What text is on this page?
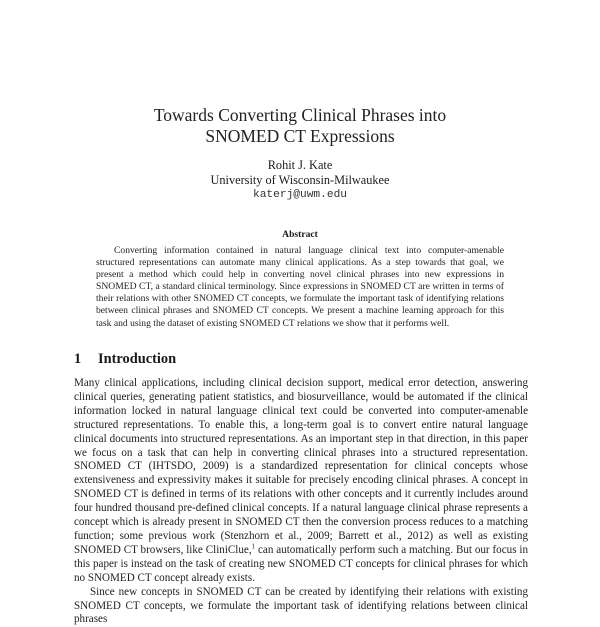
Towards Converting Clinical Phrases into
SNOMED CT Expressions
Rohit J. Kate
University of Wisconsin-Milwaukee
katerj@uwm.edu
Abstract

Converting information contained in natural language clinical text into computer-amenable structured representations can automate many clinical applications. As a step towards that goal, we present a method which could help in converting novel clinical phrases into new expressions in SNOMED CT, a standard clinical terminology. Since expressions in SNOMED CT are written in terms of their relations with other SNOMED CT concepts, we formulate the important task of identifying relations between clinical phrases and SNOMED CT concepts. We present a machine learning approach for this task and using the dataset of existing SNOMED CT relations we show that it performs well.

1 Introduction

Many clinical applications, including clinical decision support, medical error detection, answering clinical queries, generating patient statistics, and biosurveillance, would be automated if the clinical information locked in natural language clinical text could be converted into computer-amenable structured representations. To enable this, a long-term goal is to convert entire natural language clinical documents into structured representations. As an important step in that direction, in this paper we focus on a task that can help in converting clinical phrases into a structured representation. SNOMED CT (IHTSDO, 2009) is a standardized representation for clinical concepts whose extensiveness and expressivity makes it suitable for precisely encoding clinical phrases. A concept in SNOMED CT is defined in terms of its relations with other concepts and it currently includes around four hundred thousand pre-defined clinical concepts. If a natural language clinical phrase represents a concept which is already present in SNOMED CT then the conversion process reduces to a matching function; some previous work (Stenzhorn et al., 2009; Barrett et al., 2012) as well as existing SNOMED CT browsers, like CliniClue,$^1$ can automatically perform such a matching. But our focus in this paper is instead on the task of creating new SNOMED CT concepts for clinical phrases for which no SNOMED CT concept already exists.

Since new concepts in SNOMED CT can be created by identifying their relations with existing SNOMED CT concepts, we formulate the important task of identifying relations between clinical phrases
